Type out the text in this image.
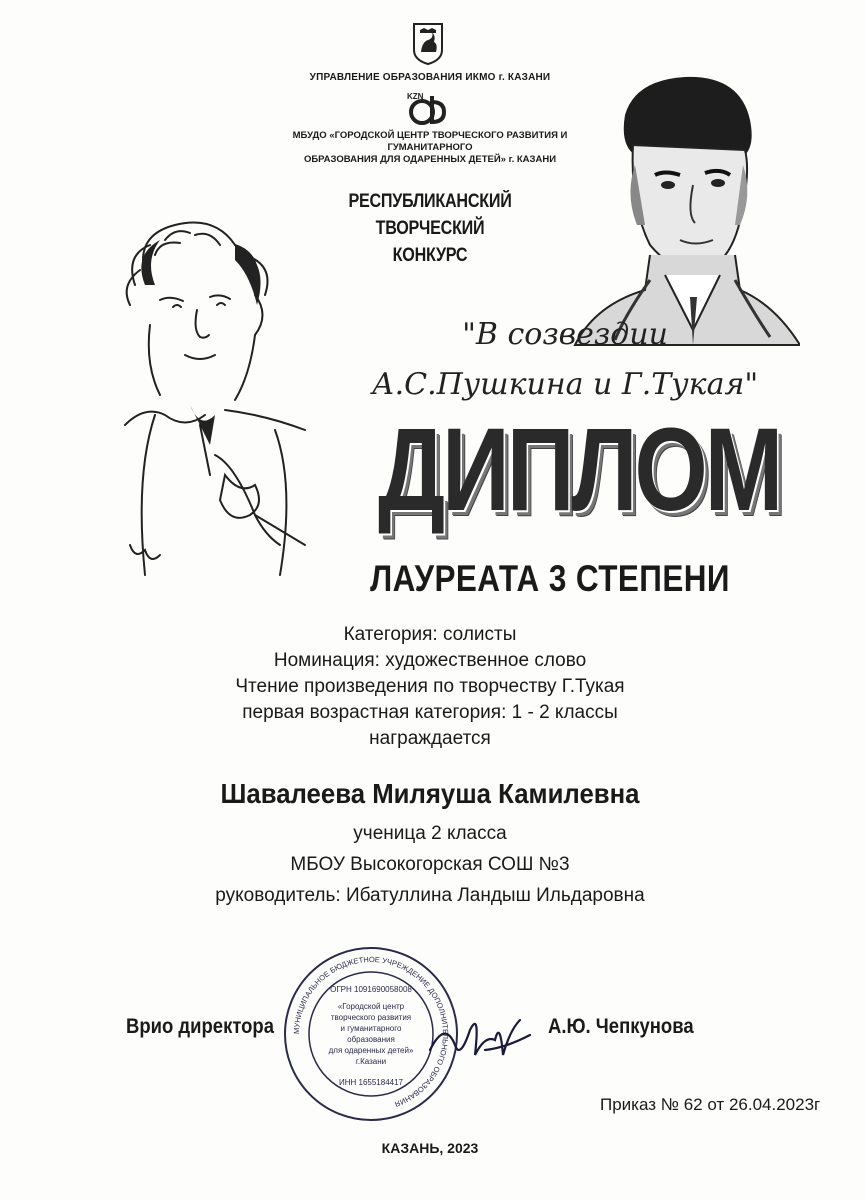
УПРАВЛЕНИЕ ОБРАЗОВАНИЯ ИКМО г. КАЗАНИ
KZN
МБУДО «ГОРОДСКОЙ ЦЕНТР ТВОРЧЕСКОГО РАЗВИТИЯ И ГУМАНИТАРНОГО
ОБРАЗОВАНИЯ ДЛЯ ОДАРЕННЫХ ДЕТЕЙ» г. КАЗАНИ
РЕСПУБЛИКАНСКИЙ ТВОРЧЕСКИЙ
КОНКУРС
"В созвездии
А.С.Пушкина и Г.Тукая"
ДИПЛОМ
ЛАУРЕАТА 3 СТЕПЕНИ
Категория: солисты
Номинация: художественное слово
Чтение произведения по творчеству Г.Тукая
первая возрастная категория: 1 - 2 классы
награждается
Шавалеева Миляуша Камилевна
ученица 2 класса
МБОУ Высокогорская СОШ №3
руководитель: Ибатуллина Ландыш Ильдаровна
МУНИЦИПАЛЬНОЕ БЮДЖЕТНОЕ УЧРЕЖДЕНИЕ ДОПОЛНИТЕЛЬНОГО ОБРАЗОВАНИЯ
ОГРН 1091690058008
«Городской центр
творческого развития
и гуманитарного
образования
для одаренных детей»
г.Казани
ИНН 1655184417
Врио директора	А.Ю. Чепкунова
Приказ № 62 от 26.04.2023г
КАЗАНЬ, 2023
